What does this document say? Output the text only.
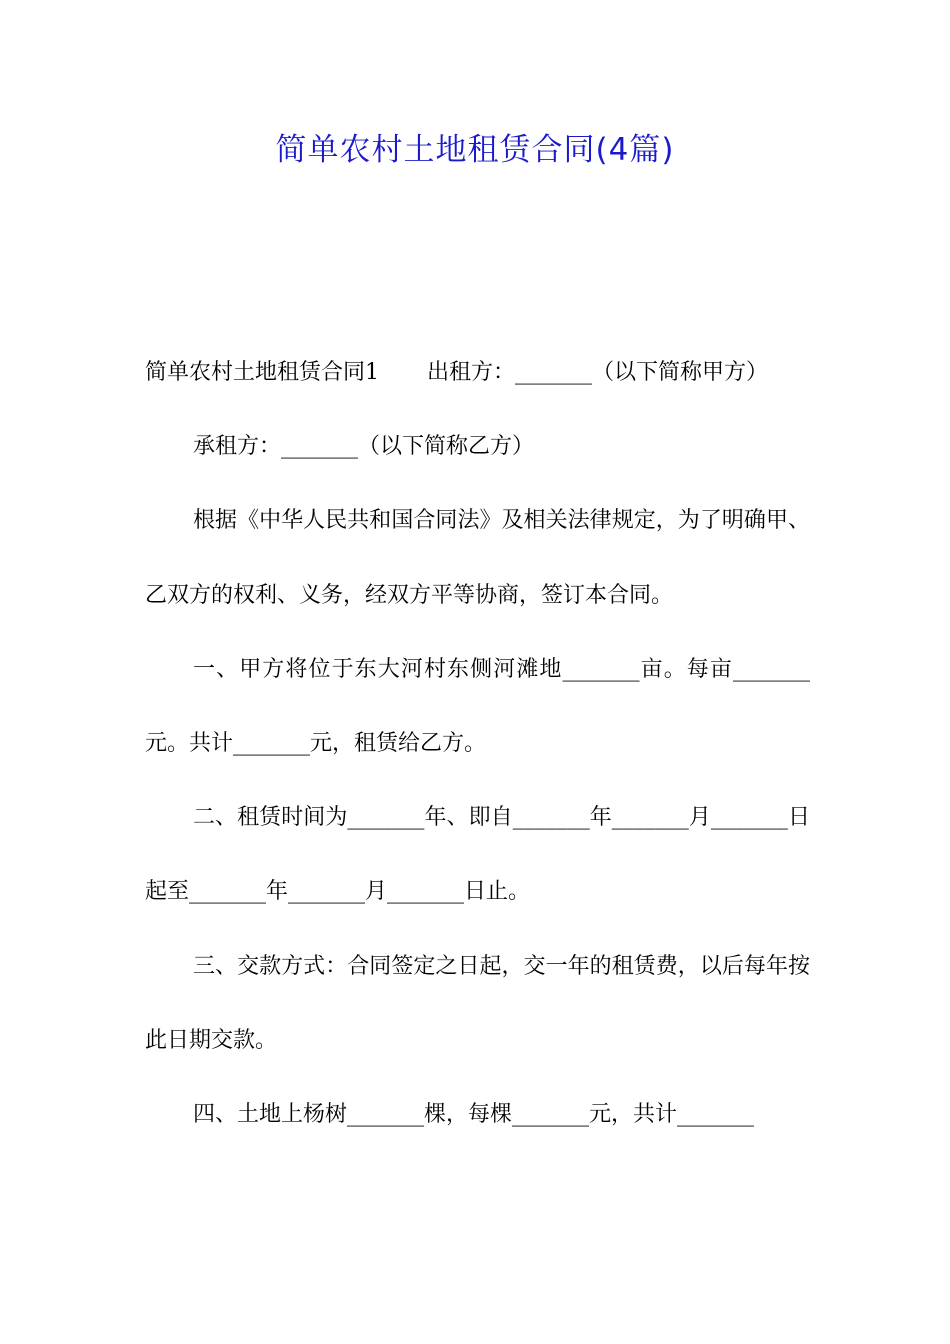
简单农村土地租赁合同(4篇)

简单农村土地租赁合同1 出租方：_______（以下简称甲方）

承租方：_______（以下简称乙方）

根据《中华人民共和国合同法》及相关法律规定，为了明确甲、乙双方的权利、义务，经双方平等协商，签订本合同。

一、甲方将位于东大河村东侧河滩地_______亩。每亩_______元。共计_______元，租赁给乙方。

二、租赁时间为_______年、即自_______年_______月_______日起至_______年_______月_______日止。

三、交款方式：合同签定之日起，交一年的租赁费，以后每年按此日期交款。

四、土地上杨树_______棵，每棵_______元，共计_______
